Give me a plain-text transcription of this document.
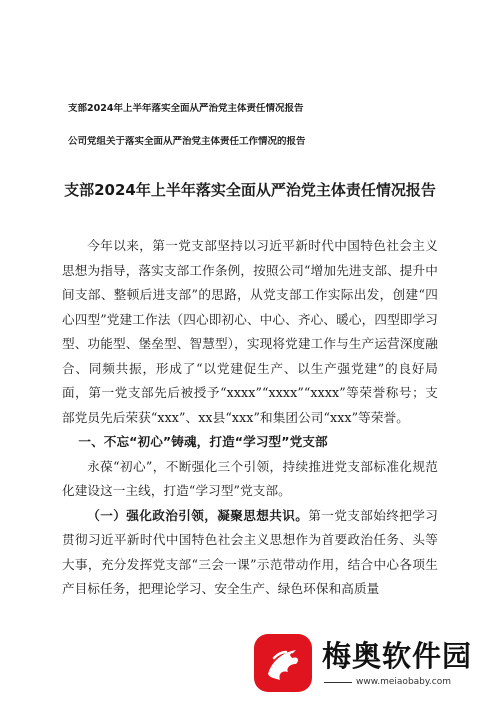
支部2024年上半年落实全面从严治党主体责任情况报告
公司党组关于落实全面从严治党主体责任工作情况的报告
支部2024年上半年落实全面从严治党主体责任情况报告

今年以来，第一党支部坚持以习近平新时代中国特色社会主义思想为指导，落实支部工作条例，按照公司“增加先进支部、提升中间支部、整顿后进支部”的思路，从党支部工作实际出发，创建“四心四型”党建工作法（四心即初心、中心、齐心、暖心，四型即学习型、功能型、堡垒型、智慧型），实现将党建工作与生产运营深度融合、同频共振，形成了“以党建促生产、以生产强党建”的良好局面，第一党支部先后被授予“xxxx”“xxxx”“xxxx”等荣誉称号；支部党员先后荣获“xxx”、xx县“xxx”和集团公司“xxx”等荣誉。

一、不忘“初心”铸魂，打造“学习型”党支部

永葆“初心”，不断强化三个引领，持续推进党支部标准化规范化建设这一主线，打造“学习型”党支部。

（一）强化政治引领，凝聚思想共识。第一党支部始终把学习贯彻习近平新时代中国特色社会主义思想作为首要政治任务、头等大事，充分发挥党支部“三会一课”示范带动作用，结合中心各项生产目标任务，把理论学习、安全生产、绿色环保和高质量

梅奥软件园
www.meiaobaby.com
